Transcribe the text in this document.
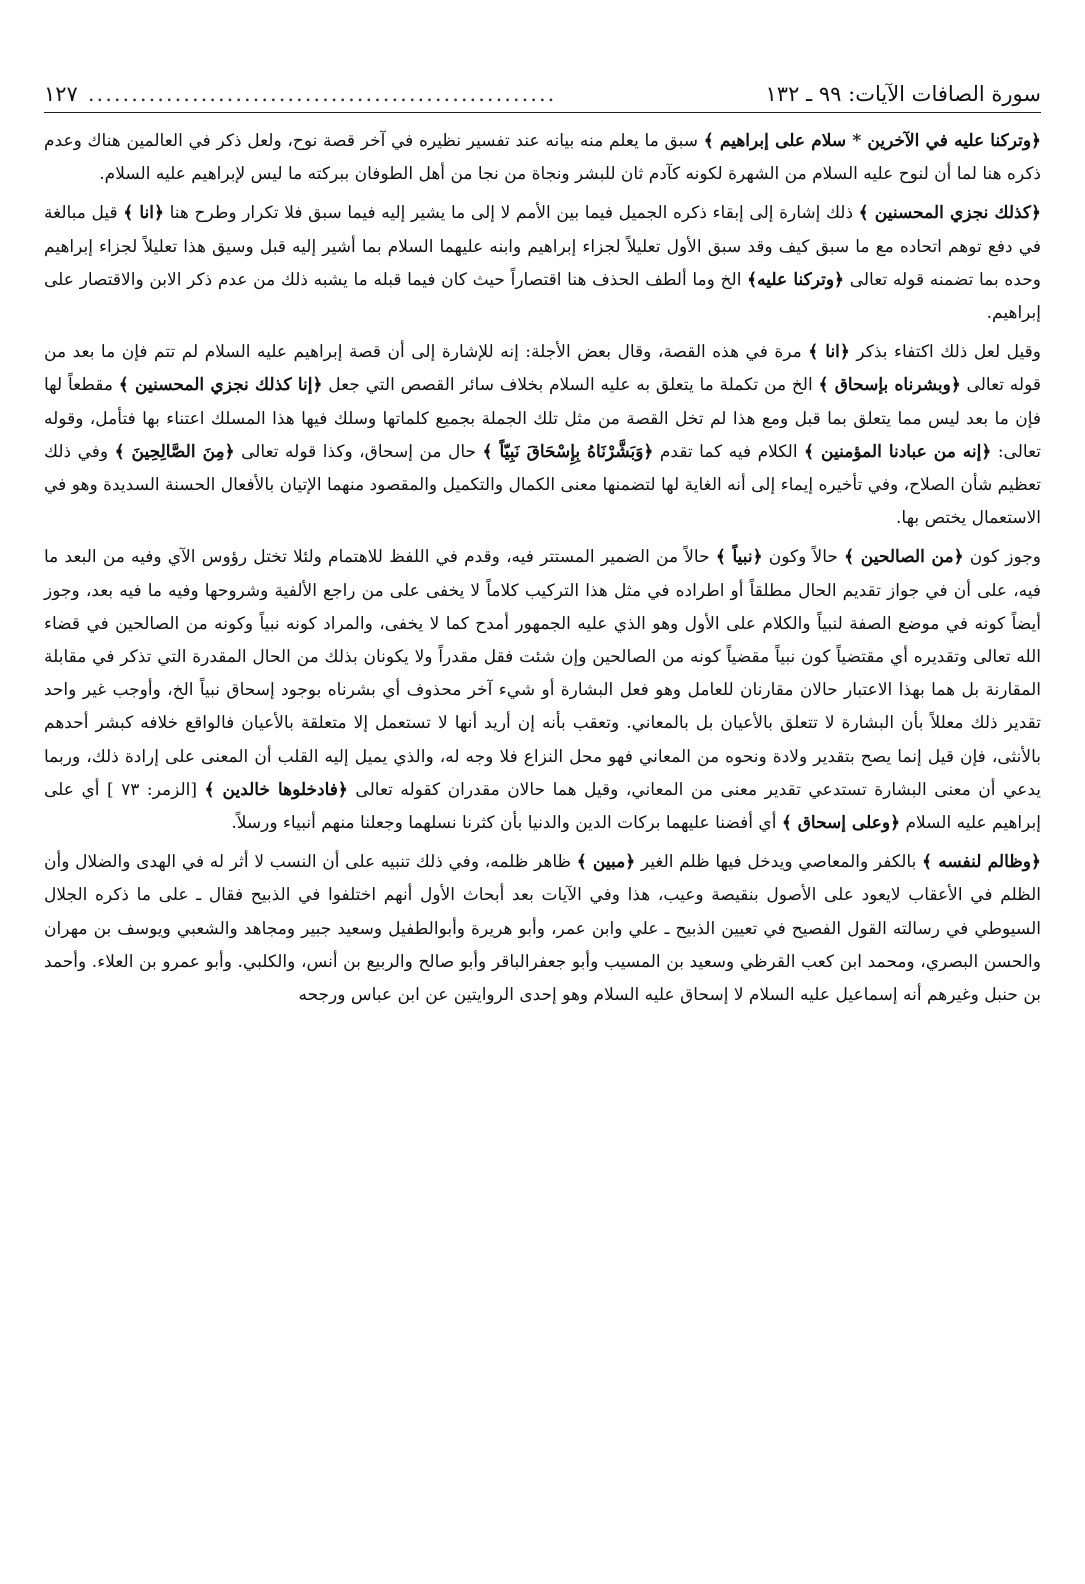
سورة الصافات الآيات: ٩٩ ـ ١٣٢
......................................................
١٢٧

﴿وتركنا عليه في الآخرين * سلام على إبراهيم ﴾ سبق ما يعلم منه بيانه عند تفسير نظيره في آخر قصة نوح، ولعل ذكر في العالمين هناك وعدم ذكره هنا لما أن لنوح عليه السلام من الشهرة لكونه كآدم ثان للبشر ونجاة من نجا من أهل الطوفان ببركته ما ليس لإبراهيم عليه السلام.

﴿كذلك نجزي المحسنين ﴾ ذلك إشارة إلى إبقاء ذكره الجميل فيما بين الأمم لا إلى ما يشير إليه فيما سبق فلا تكرار وطرح هنا ﴿انا ﴾ قيل مبالغة في دفع توهم اتحاده مع ما سبق كيف وقد سبق الأول تعليلاً لجزاء إبراهيم وابنه عليهما السلام بما أشير إليه قبل وسيق هذا تعليلاً لجزاء إبراهيم وحده بما تضمنه قوله تعالى ﴿وتركنا عليه﴾ الخ وما ألطف الحذف هنا اقتصاراً حيث كان فيما قبله ما يشبه ذلك من عدم ذكر الابن والاقتصار على إبراهيم.

وقيل لعل ذلك اكتفاء بذكر ﴿انا ﴾ مرة في هذه القصة، وقال بعض الأجلة: إنه للإشارة إلى أن قصة إبراهيم عليه السلام لم تتم فإن ما بعد من قوله تعالى ﴿وبشرناه بإسحاق ﴾ الخ من تكملة ما يتعلق به عليه السلام بخلاف سائر القصص التي جعل ﴿إنا كذلك نجزي المحسنين ﴾ مقطعاً لها فإن ما بعد ليس مما يتعلق بما قبل ومع هذا لم تخل القصة من مثل تلك الجملة بجميع كلماتها وسلك فيها هذا المسلك اعتناء بها فتأمل، وقوله تعالى: ﴿إنه من عبادنا المؤمنين ﴾ الكلام فيه كما تقدم ﴿وَبَشَّرْنَاهُ بِإِسْحَاقَ نَبِيّاً ﴾ حال من إسحاق، وكذا قوله تعالى ﴿مِنَ الصَّالِحِينَ ﴾ وفي ذلك تعظيم شأن الصلاح، وفي تأخيره إيماء إلى أنه الغاية لها لتضمنها معنى الكمال والتكميل والمقصود منهما الإتيان بالأفعال الحسنة السديدة وهو في الاستعمال يختص بها.

وجوز كون ﴿من الصالحين ﴾ حالاً وكون ﴿نبياً ﴾ حالاً من الضمير المستتر فيه، وقدم في اللفظ للاهتمام ولئلا تختل رؤوس الآي وفيه من البعد ما فيه، على أن في جواز تقديم الحال مطلقاً أو اطراده في مثل هذا التركيب كلاماً لا يخفى على من راجع الألفية وشروحها وفيه ما فيه بعد، وجوز أيضاً كونه في موضع الصفة لنبياً والكلام على الأول وهو الذي عليه الجمهور أمدح كما لا يخفى، والمراد كونه نبياً وكونه من الصالحين في قضاء الله تعالى وتقديره أي مقتضياً كون نبياً مقضياً كونه من الصالحين وإن شئت فقل مقدراً ولا يكونان بذلك من الحال المقدرة التي تذكر في مقابلة المقارنة بل هما بهذا الاعتبار حالان مقارنان للعامل وهو فعل البشارة أو شيء آخر محذوف أي بشرناه بوجود إسحاق نبياً الخ، وأوجب غير واحد تقدير ذلك معللاً بأن البشارة لا تتعلق بالأعيان بل بالمعاني. وتعقب بأنه إن أريد أنها لا تستعمل إلا متعلقة بالأعيان فالواقع خلافه كبشر أحدهم بالأنثى، فإن قيل إنما يصح بتقدير ولادة ونحوه من المعاني فهو محل النزاع فلا وجه له، والذي يميل إليه القلب أن المعنى على إرادة ذلك، وربما يدعي أن معنى البشارة تستدعي تقدير معنى من المعاني، وقيل هما حالان مقدران كقوله تعالى ﴿فادخلوها خالدين ﴾ [الزمر: ٧٣ ] أي على إبراهيم عليه السلام ﴿وعلى إسحاق ﴾ أي أفضنا عليهما بركات الدين والدنيا بأن كثرنا نسلهما وجعلنا منهم أنبياء ورسلاً.

﴿وظالم لنفسه ﴾ بالكفر والمعاصي ويدخل فيها ظلم الغير ﴿مبين ﴾ ظاهر ظلمه، وفي ذلك تنبيه على أن النسب لا أثر له في الهدى والضلال وأن الظلم في الأعقاب لايعود على الأصول بنقيصة وعيب، هذا وفي الآيات بعد أبحاث الأول أنهم اختلفوا في الذبيح فقال ـ على ما ذكره الجلال السيوطي في رسالته القول الفصيح في تعيين الذبيح ـ علي وابن عمر، وأبو هريرة وأبوالطفيل وسعيد جبير ومجاهد والشعبي ويوسف بن مهران والحسن البصري، ومحمد ابن كعب القرظي وسعيد بن المسيب وأبو جعفرالباقر وأبو صالح والربيع بن أنس، والكلبي. وأبو عمرو بن العلاء. وأحمد بن حنبل وغيرهم أنه إسماعيل عليه السلام لا إسحاق عليه السلام وهو إحدى الروايتين عن ابن عباس ورجحه
